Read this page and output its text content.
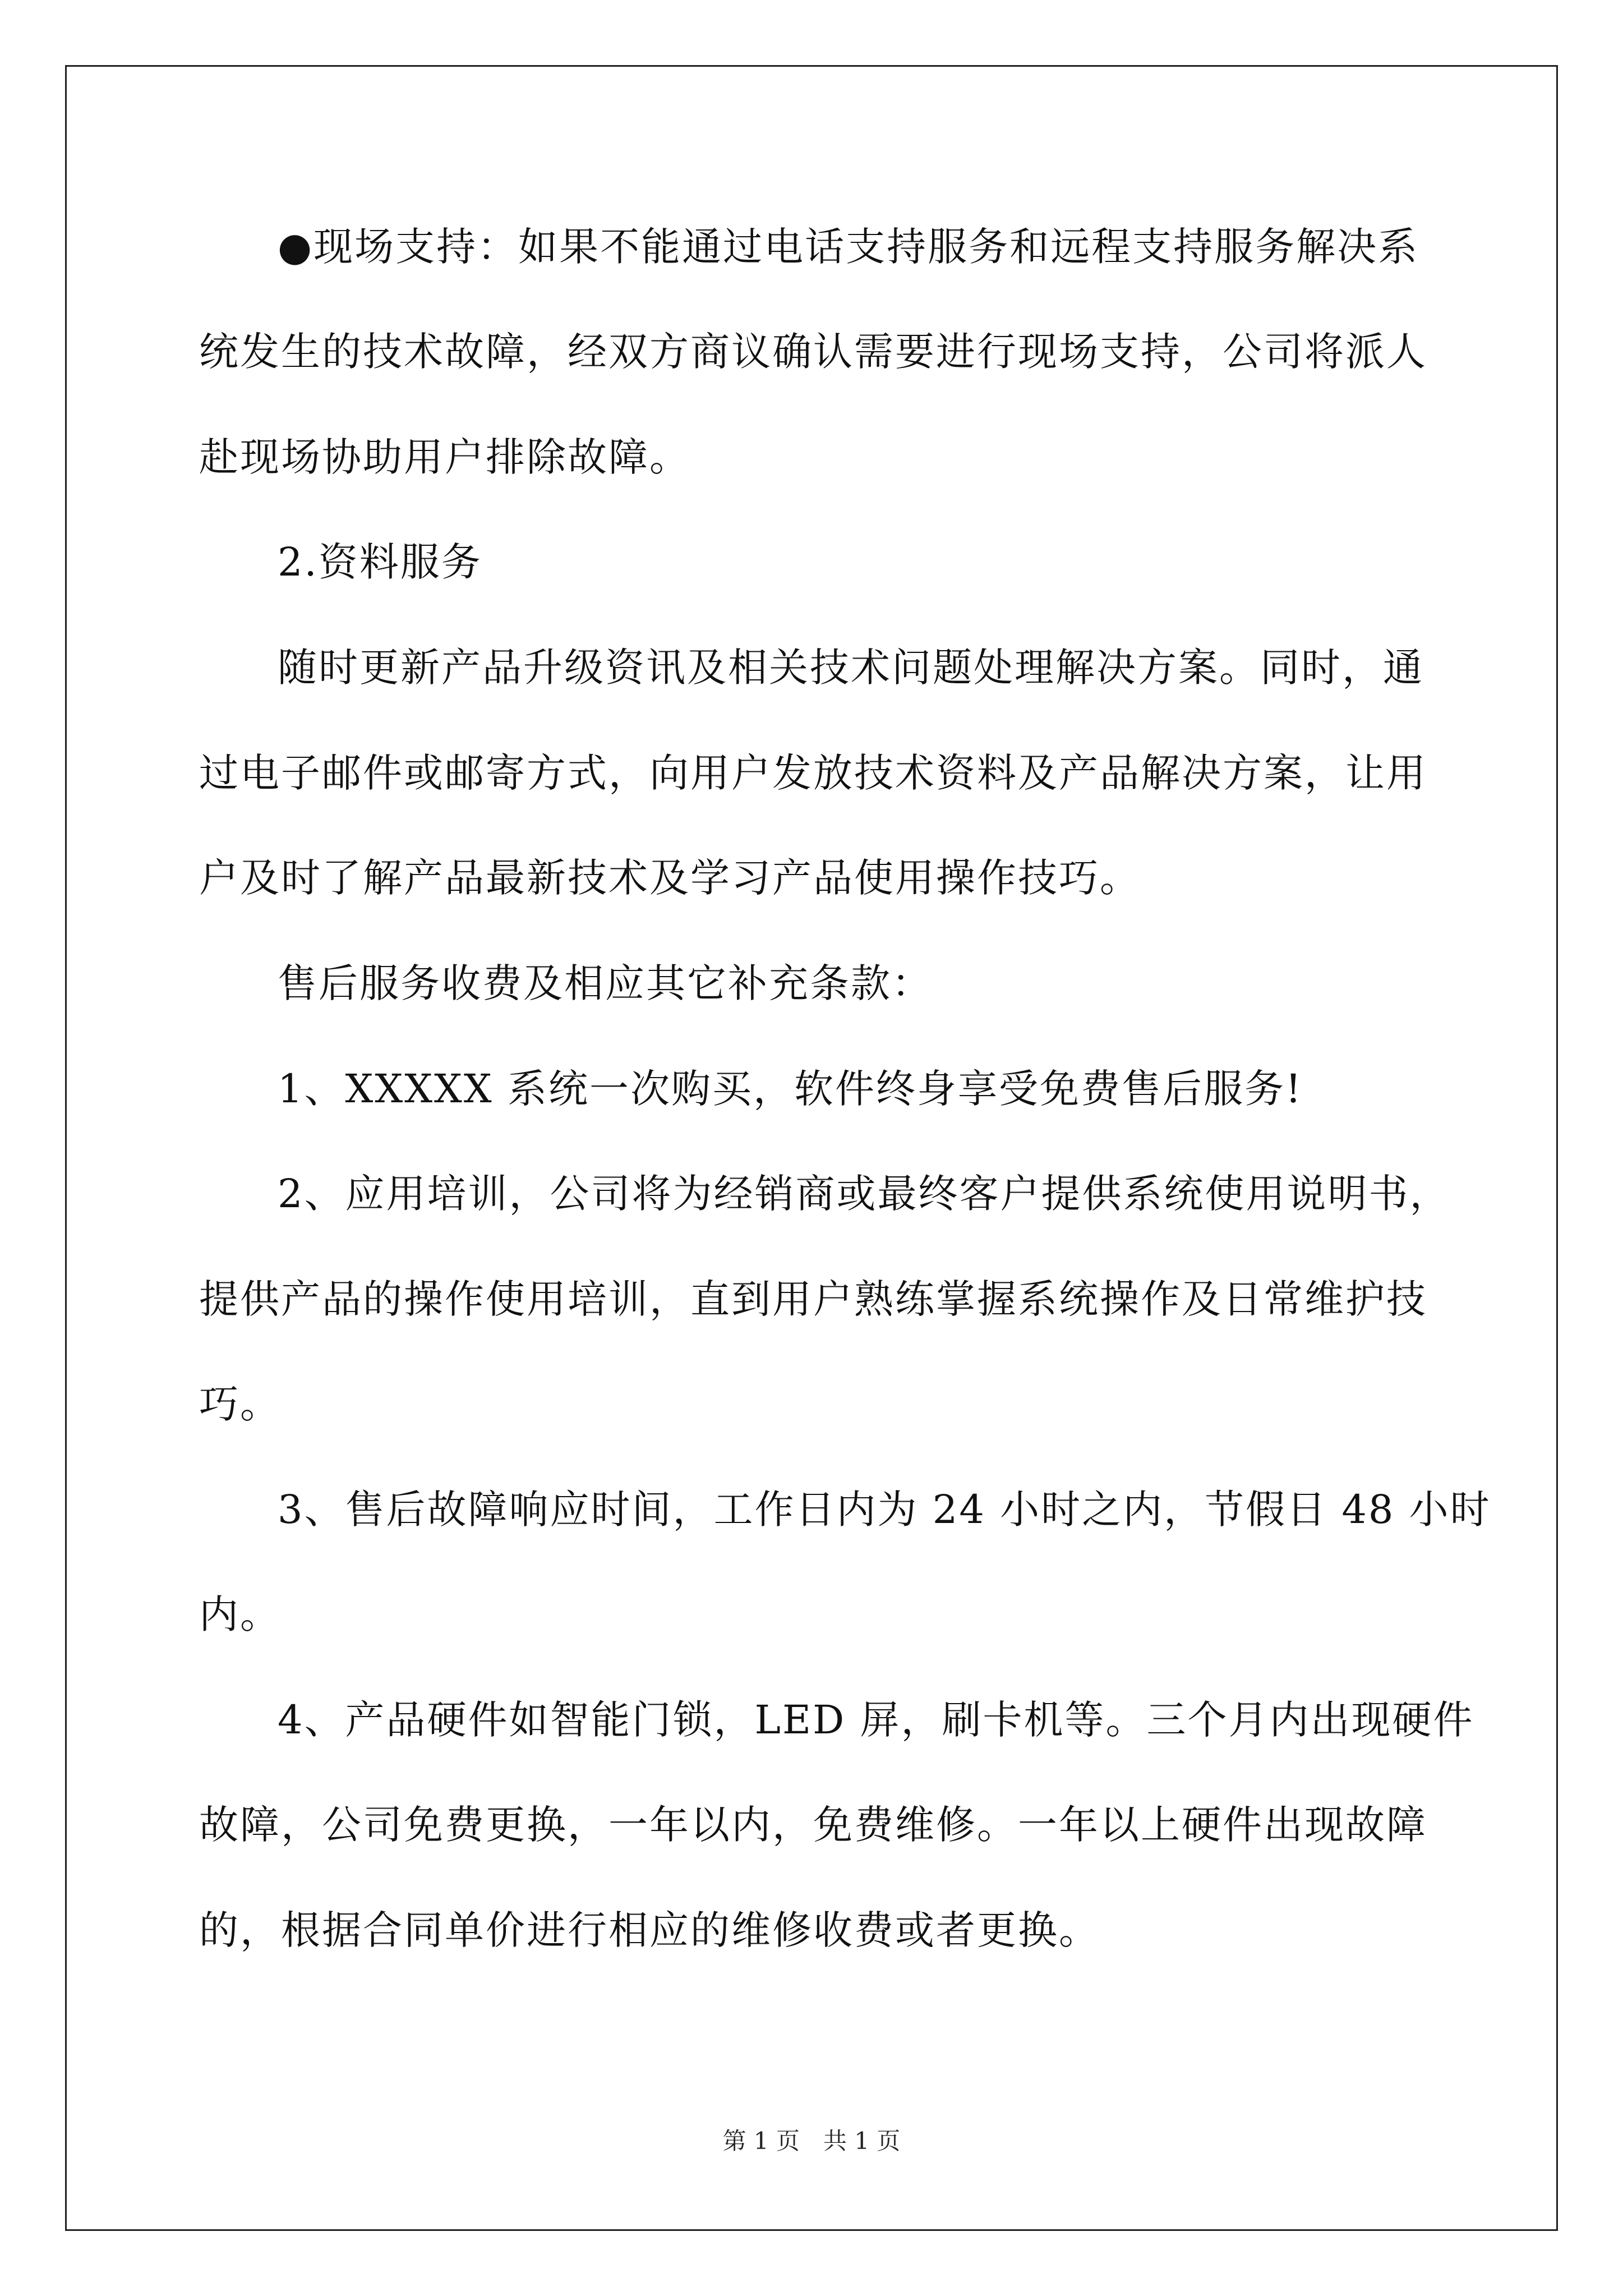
●现场支持：如果不能通过电话支持服务和远程支持服务解决系
统发生的技术故障，经双方商议确认需要进行现场支持，公司将派人
赴现场协助用户排除故障。
2.资料服务
随时更新产品升级资讯及相关技术问题处理解决方案。同时，通
过电子邮件或邮寄方式，向用户发放技术资料及产品解决方案，让用
户及时了解产品最新技术及学习产品使用操作技巧。
售后服务收费及相应其它补充条款：
1、XXXXX 系统一次购买，软件终身享受免费售后服务!
2、应用培训，公司将为经销商或最终客户提供系统使用说明书，
提供产品的操作使用培训，直到用户熟练掌握系统操作及日常维护技
巧。
3、售后故障响应时间，工作日内为 24 小时之内，节假日 48 小时
内。
4、产品硬件如智能门锁，LED 屏，刷卡机等。三个月内出现硬件
故障，公司免费更换，一年以内，免费维修。一年以上硬件出现故障
的，根据合同单价进行相应的维修收费或者更换。
第 1 页　共 1 页
